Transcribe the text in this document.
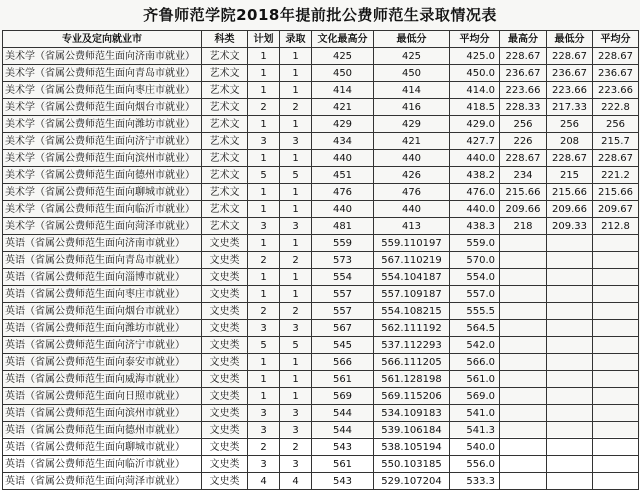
齐鲁师范学院2018年提前批公费师范生录取情况表
专业及定向就业市	科类	计划	录取	文化最高分	最低分	平均分	最高分	最低分	平均分
美术学（省属公费师范生面向济南市就业）	艺术文	1	1	425	425	425.0	228.67	228.67	228.67
美术学（省属公费师范生面向青岛市就业）	艺术文	1	1	450	450	450.0	236.67	236.67	236.67
美术学（省属公费师范生面向枣庄市就业）	艺术文	1	1	414	414	414.0	223.66	223.66	223.66
美术学（省属公费师范生面向烟台市就业）	艺术文	2	2	421	416	418.5	228.33	217.33	222.8
美术学（省属公费师范生面向潍坊市就业）	艺术文	1	1	429	429	429.0	256	256	256
美术学（省属公费师范生面向济宁市就业）	艺术文	3	3	434	421	427.7	226	208	215.7
美术学（省属公费师范生面向滨州市就业）	艺术文	1	1	440	440	440.0	228.67	228.67	228.67
美术学（省属公费师范生面向德州市就业）	艺术文	5	5	451	426	438.2	234	215	221.2
美术学（省属公费师范生面向聊城市就业）	艺术文	1	1	476	476	476.0	215.66	215.66	215.66
美术学（省属公费师范生面向临沂市就业）	艺术文	1	1	440	440	440.0	209.66	209.66	209.67
美术学（省属公费师范生面向菏泽市就业）	艺术文	3	3	481	413	438.3	218	209.33	212.8
英语（省属公费师范生面向济南市就业）	文史类	1	1	559	559.110197	559.0			
英语（省属公费师范生面向青岛市就业）	文史类	2	2	573	567.110219	570.0			
英语（省属公费师范生面向淄博市就业）	文史类	1	1	554	554.104187	554.0			
英语（省属公费师范生面向枣庄市就业）	文史类	1	1	557	557.109187	557.0			
英语（省属公费师范生面向烟台市就业）	文史类	2	2	557	554.108215	555.5			
英语（省属公费师范生面向潍坊市就业）	文史类	3	3	567	562.111192	564.5			
英语（省属公费师范生面向济宁市就业）	文史类	5	5	545	537.112293	542.0			
英语（省属公费师范生面向泰安市就业）	文史类	1	1	566	566.111205	566.0			
英语（省属公费师范生面向威海市就业）	文史类	1	1	561	561.128198	561.0			
英语（省属公费师范生面向日照市就业）	文史类	1	1	569	569.115206	569.0			
英语（省属公费师范生面向滨州市就业）	文史类	3	3	544	534.109183	541.0			
英语（省属公费师范生面向德州市就业）	文史类	3	3	544	539.106184	541.3			
英语（省属公费师范生面向聊城市就业）	文史类	2	2	543	538.105194	540.0			
英语（省属公费师范生面向临沂市就业）	文史类	3	3	561	550.103185	556.0			
英语（省属公费师范生面向菏泽市就业）	文史类	4	4	543	529.107204	533.3			
